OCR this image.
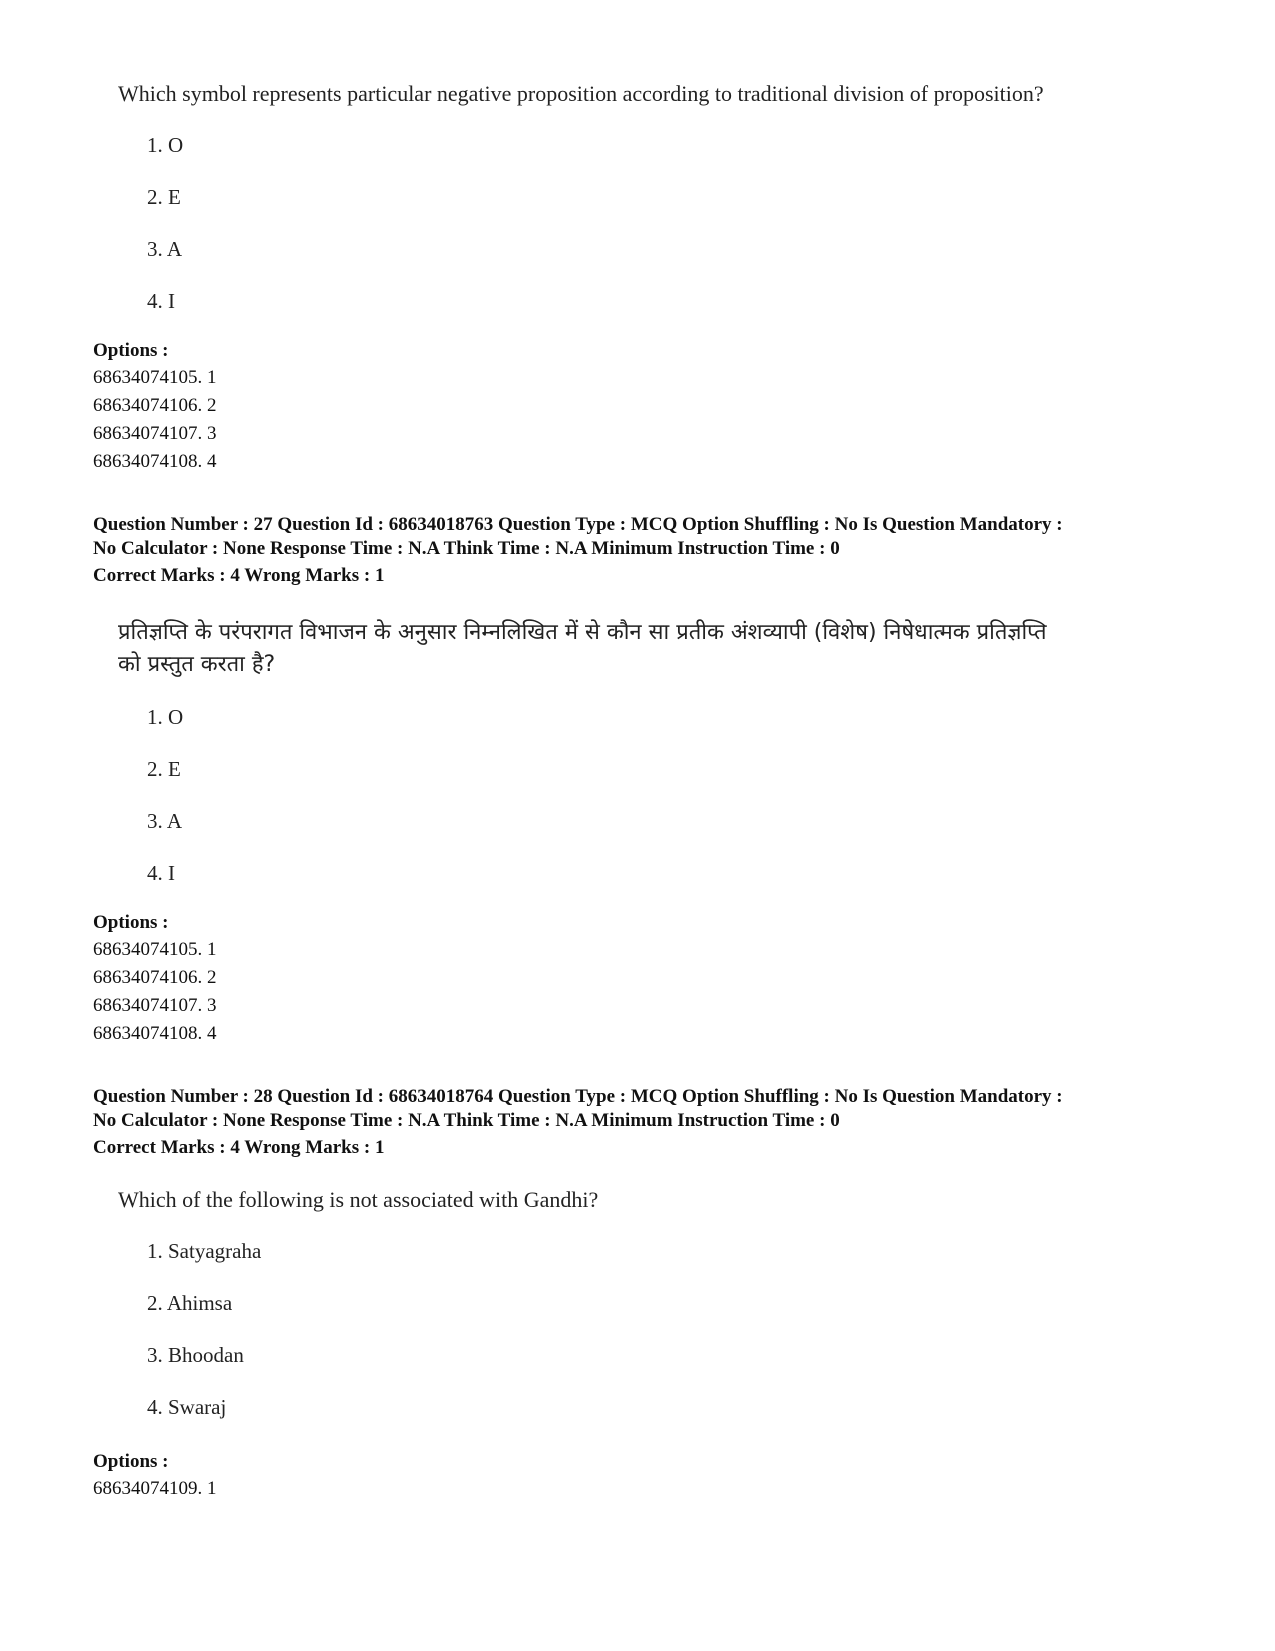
Which symbol represents particular negative proposition according to traditional division of proposition?
1. O
2. E
3. A
4. I
Options :
68634074105. 1
68634074106. 2
68634074107. 3
68634074108. 4
Question Number : 27 Question Id : 68634018763 Question Type : MCQ Option Shuffling : No Is Question Mandatory :
No Calculator : None Response Time : N.A Think Time : N.A Minimum Instruction Time : 0
Correct Marks : 4 Wrong Marks : 1
प्रतिज्ञप्ति के परंपरागत विभाजन के अनुसार निम्नलिखित में से कौन सा प्रतीक अंशव्यापी (विशेष) निषेधात्मक प्रतिज्ञप्ति
को प्रस्तुत करता है?
1. O
2. E
3. A
4. I
Options :
68634074105. 1
68634074106. 2
68634074107. 3
68634074108. 4
Question Number : 28 Question Id : 68634018764 Question Type : MCQ Option Shuffling : No Is Question Mandatory :
No Calculator : None Response Time : N.A Think Time : N.A Minimum Instruction Time : 0
Correct Marks : 4 Wrong Marks : 1
Which of the following is not associated with Gandhi?
1. Satyagraha
2. Ahimsa
3. Bhoodan
4. Swaraj
Options :
68634074109. 1
